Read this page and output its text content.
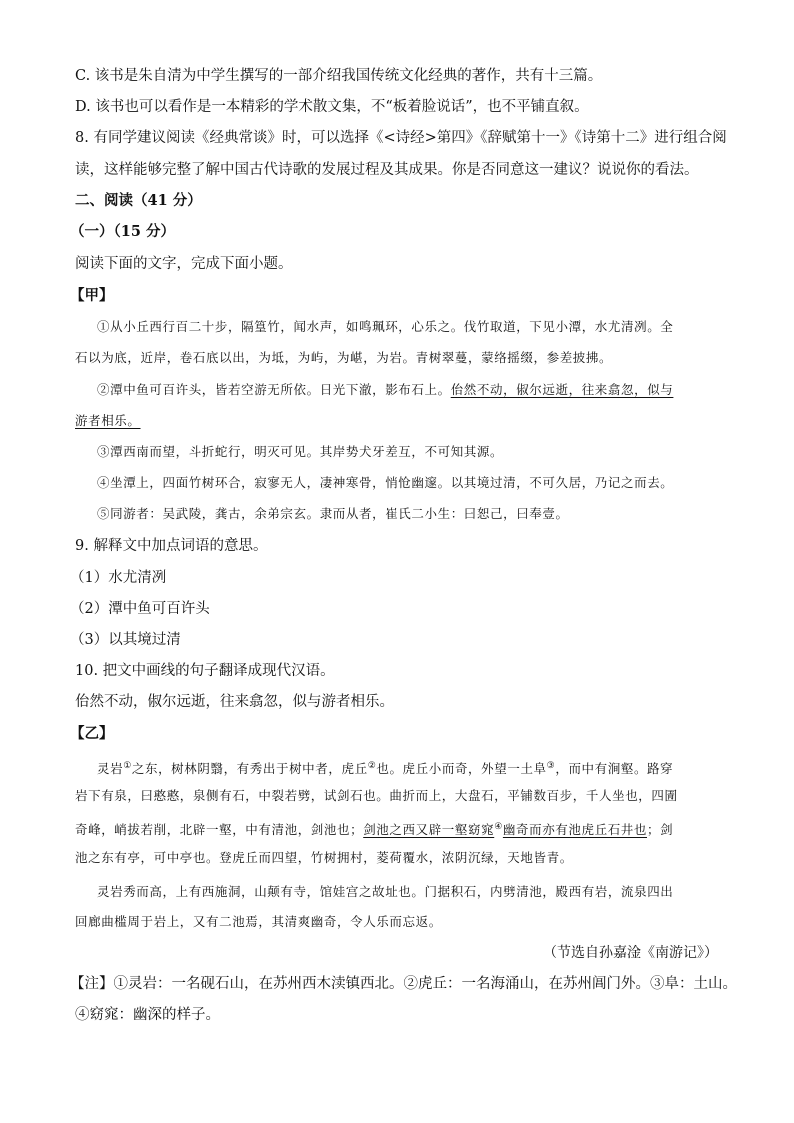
C. 该书是朱自清为中学生撰写的一部介绍我国传统文化经典的著作，共有十三篇。
D. 该书也可以看作是一本精彩的学术散文集，不“板着脸说话”，也不平铺直叙。
8. 有同学建议阅读《经典常谈》时，可以选择《<诗经>第四》《辞赋第十一》《诗第十二》进行组合阅
读，这样能够完整了解中国古代诗歌的发展过程及其成果。你是否同意这一建议？说说你的看法。
二、阅读（41 分）
（一）（15 分）
阅读下面的文字，完成下面小题。
【甲】
①从小丘西行百二十步，隔篁竹，闻水声，如鸣珮环，心乐之。伐竹取道，下见小潭，水尤清冽。全
石以为底，近岸，卷石底以出，为坻，为屿，为嵁，为岩。青树翠蔓，蒙络摇缀，参差披拂。
②潭中鱼可百许头，皆若空游无所依。日光下澈，影布石上。佁然不动，俶尔远逝，往来翕忽，似与
游者相乐。
③潭西南而望，斗折蛇行，明灭可见。其岸势犬牙差互，不可知其源。
④坐潭上，四面竹树环合，寂寥无人，凄神寒骨，悄怆幽邃。以其境过清，不可久居，乃记之而去。
⑤同游者：吴武陵，龚古，余弟宗玄。隶而从者，崔氏二小生：曰恕己，曰奉壹。
9. 解释文中加点词语的意思。
（1）水尤清冽
（2）潭中鱼可百许头
（3）以其境过清
10. 把文中画线的句子翻译成现代汉语。
佁然不动，俶尔远逝，往来翕忽，似与游者相乐。
【乙】
灵岩①之东，树林阴翳，有秀出于树中者，虎丘②也。虎丘小而奇，外望一土阜③，而中有涧壑。路穿
岩下有泉，曰憨憨，泉侧有石，中裂若劈，试剑石也。曲折而上，大盘石，平铺数百步，千人坐也，四圊
奇峰，峭拔若削，北辟一壑，中有清池，剑池也；剑池之西又辟一壑窈窕④幽奇而亦有池虎丘石井也；剑
池之东有亭，可中亭也。登虎丘而四望，竹树拥村，菱荷覆水，浓阴沉绿，天地皆青。
灵岩秀而高，上有西施洞，山颠有寺，馆娃宫之故址也。门据积石，内劈清池，殿西有岩，流泉四出
回廊曲槛周于岩上，又有二池焉，其清爽幽奇，令人乐而忘返。
（节选自孙嘉淦《南游记》）
【注】①灵岩：一名砚石山，在苏州西木渎镇西北。②虎丘：一名海涌山，在苏州阊门外。③阜：土山。
④窈窕：幽深的样子。
